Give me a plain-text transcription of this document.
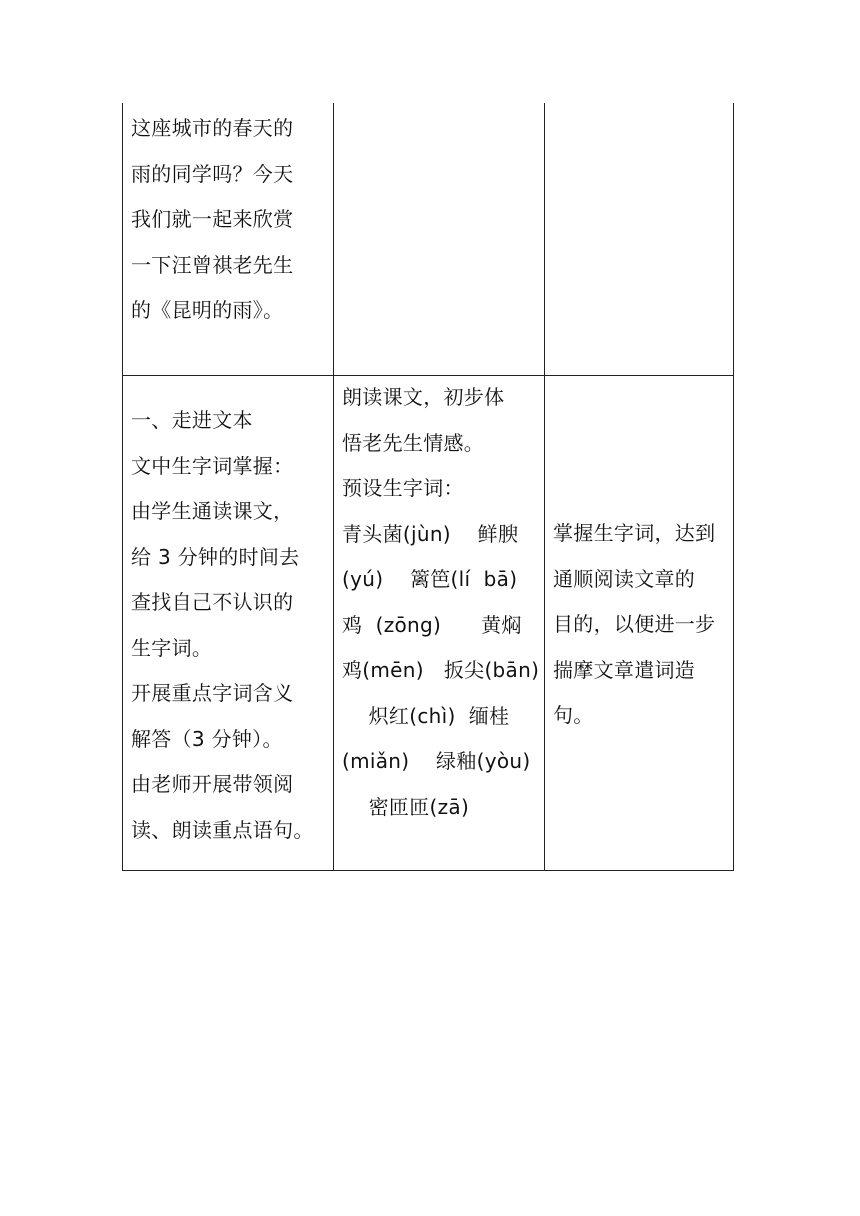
这座城市的春天的
雨的同学吗？今天
我们就一起来欣赏
一下汪曾祺老先生
的《昆明的雨》。
一、走进文本
文中生字词掌握：
由学生通读课文，
给 3 分钟的时间去
查找自己不认识的
生字词。
开展重点字词含义
解答（3 分钟）。
由老师开展带领阅
读、朗读重点语句。
朗读课文，初步体
悟老先生情感。
预设生字词：
青头菌(jùn)    鲜腴
(yú)    篱笆(lí  bā)
鸡  (zōng)      黄焖
鸡(mēn)   扳尖(bān)
炽红(chì)  缅桂
(miǎn)    绿釉(yòu)
密匝匝(zā)
掌握生字词，达到
通顺阅读文章的
目的，以便进一步
揣摩文章遣词造
句。
